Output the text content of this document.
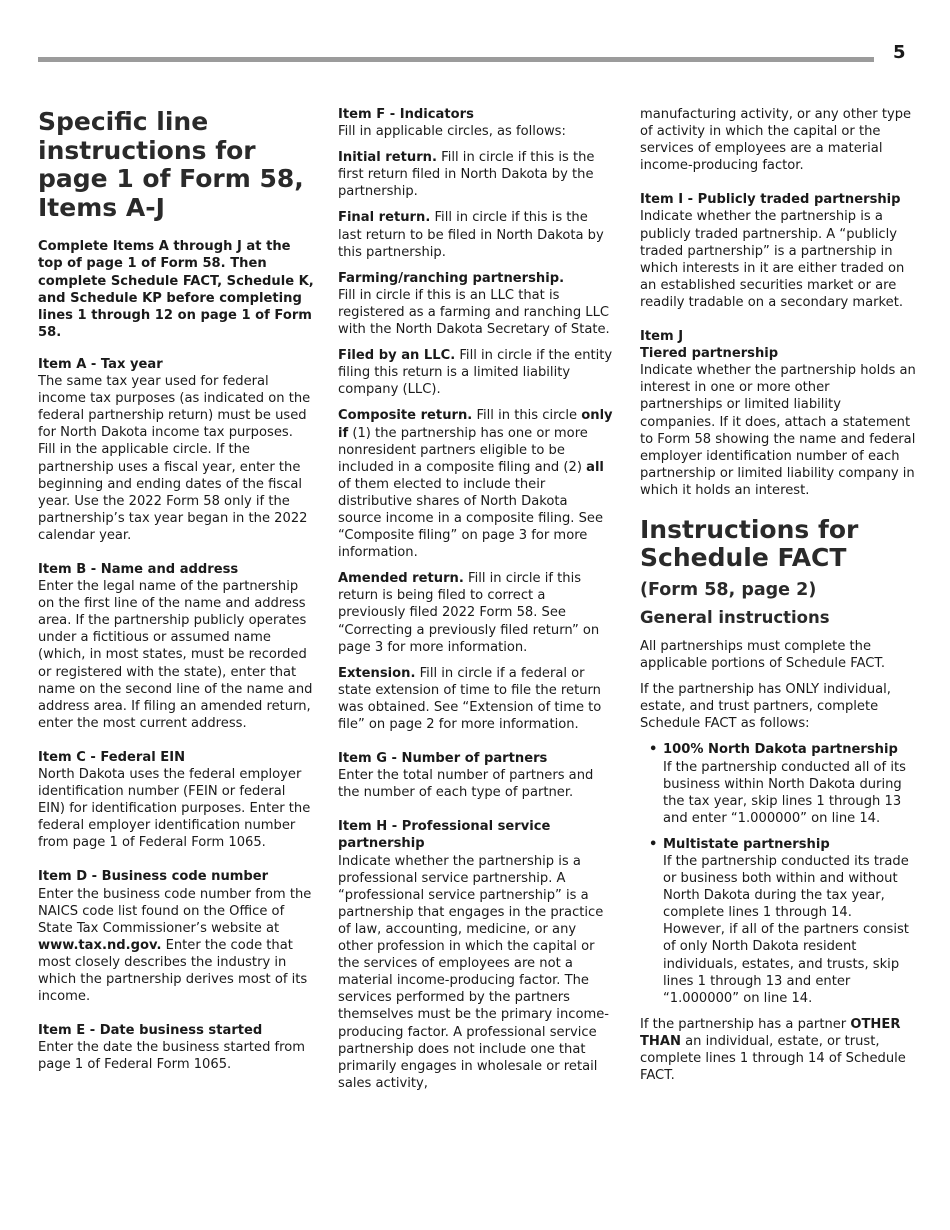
5
Specific line instructions for page 1 of Form 58, Items A-J

Complete Items A through J at the top of page 1 of Form 58. Then complete Schedule FACT, Schedule K, and Schedule KP before completing lines 1 through 12 on page 1 of Form 58.

Item A - Tax year

The same tax year used for federal income tax purposes (as indicated on the federal partnership return) must be used for North Dakota income tax purposes. Fill in the applicable circle. If the partnership uses a fiscal year, enter the beginning and ending dates of the fiscal year. Use the 2022 Form 58 only if the partnership’s tax year began in the 2022 calendar year.

Item B - Name and address

Enter the legal name of the partnership on the first line of the name and address area. If the partnership publicly operates under a fictitious or assumed name (which, in most states, must be recorded or registered with the state), enter that name on the second line of the name and address area. If filing an amended return, enter the most current address.

Item C - Federal EIN

North Dakota uses the federal employer identification number (FEIN or federal EIN) for identification purposes. Enter the federal employer identification number from page 1 of Federal Form 1065.

Item D - Business code number

Enter the business code number from the NAICS code list found on the Office of State Tax Commissioner’s website at www.tax.nd.gov. Enter the code that most closely describes the industry in which the partnership derives most of its income.

Item E - Date business started

Enter the date the business started from page 1 of Federal Form 1065.

Item F - Indicators

Fill in applicable circles, as follows:

Initial return. Fill in circle if this is the first return filed in North Dakota by the partnership.

Final return. Fill in circle if this is the last return to be filed in North Dakota by this partnership.

Farming/ranching partnership.
Fill in circle if this is an LLC that is registered as a farming and ranching LLC with the North Dakota Secretary of State.

Filed by an LLC. Fill in circle if the entity filing this return is a limited liability company (LLC).

Composite return. Fill in this circle only if (1) the partnership has one or more nonresident partners eligible to be included in a composite filing and (2) all of them elected to include their distributive shares of North Dakota source income in a composite filing. See “Composite filing” on page 3 for more information.

Amended return. Fill in circle if this return is being filed to correct a previously filed 2022 Form 58. See “Correcting a previously filed return” on page 3 for more information.

Extension. Fill in circle if a federal or state extension of time to file the return was obtained. See “Extension of time to file” on page 2 for more information.

Item G - Number of partners

Enter the total number of partners and the number of each type of partner.

Item H - Professional service partnership

Indicate whether the partnership is a professional service partnership. A “professional service partnership” is a partnership that engages in the practice of law, accounting, medicine, or any other profession in which the capital or the services of employees are not a material income-producing factor. The services performed by the partners themselves must be the primary income-producing factor. A professional service partnership does not include one that primarily engages in wholesale or retail sales activity,

manufacturing activity, or any other type of activity in which the capital or the services of employees are a material income-producing factor.

Item I - Publicly traded partnership

Indicate whether the partnership is a publicly traded partnership. A “publicly traded partnership” is a partnership in which interests in it are either traded on an established securities market or are readily tradable on a secondary market.

Item J
Tiered partnership

Indicate whether the partnership holds an interest in one or more other partnerships or limited liability companies. If it does, attach a statement to Form 58 showing the name and federal employer identification number of each partnership or limited liability company in which it holds an interest.

Instructions for Schedule FACT
(Form 58, page 2)
General instructions

All partnerships must complete the applicable portions of Schedule FACT.

If the partnership has ONLY individual, estate, and trust partners, complete Schedule FACT as follows:

• 100% North Dakota partnership
If the partnership conducted all of its business within North Dakota during the tax year, skip lines 1 through 13 and enter “1.000000” on line 14.
• Multistate partnership
If the partnership conducted its trade or business both within and without North Dakota during the tax year, complete lines 1 through 14. However, if all of the partners consist of only North Dakota resident individuals, estates, and trusts, skip lines 1 through 13 and enter “1.000000” on line 14.

If the partnership has a partner OTHER THAN an individual, estate, or trust, complete lines 1 through 14 of Schedule FACT.
